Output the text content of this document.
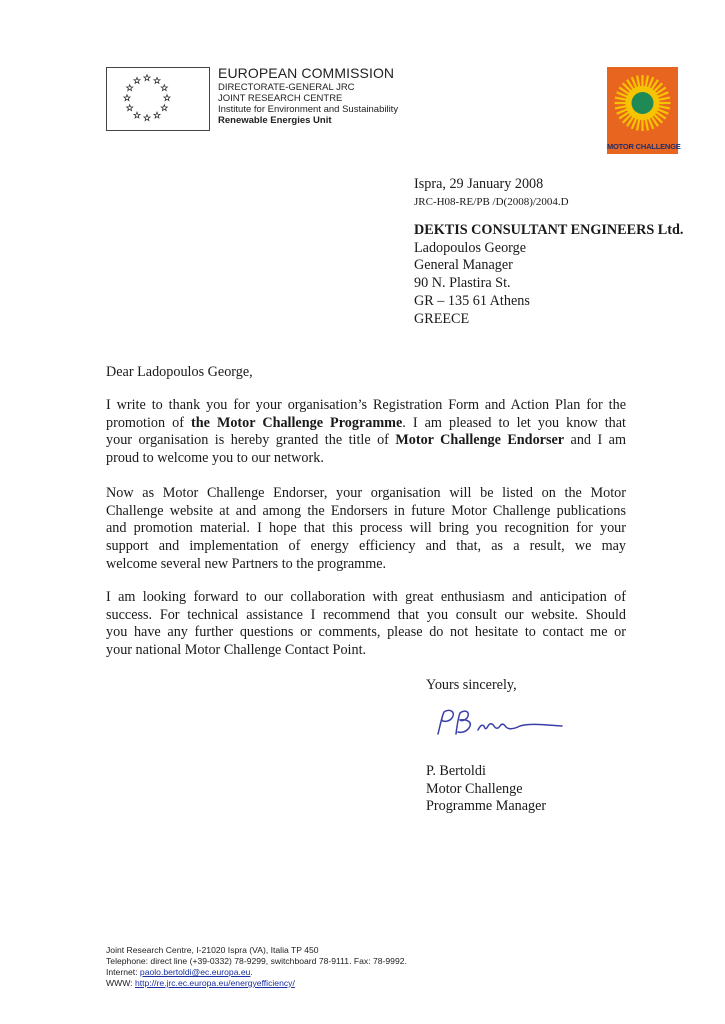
EUROPEAN COMMISSION
DIRECTORATE-GENERAL JRC
JOINT RESEARCH CENTRE
Institute for Environment and Sustainability
Renewable Energies Unit
MOTOR CHALLENGE
Ispra, 29 January 2008
JRC-H08-RE/PB /D(2008)/2004.D
DEKTIS CONSULTANT ENGINEERS Ltd.
Ladopoulos George
General Manager
90 N. Plastira St.
GR – 135 61 Athens
GREECE
Dear Ladopoulos George,
I write to thank you for your organisation’s Registration Form and Action Plan for the
promotion of the Motor Challenge Programme. I am pleased to let you know that
your organisation is hereby granted the title of Motor Challenge Endorser and I am
proud to welcome you to our network.
Now as Motor Challenge Endorser, your organisation will be listed on the Motor
Challenge website at and among the Endorsers in future Motor Challenge publications
and promotion material. I hope that this process will bring you recognition for your
support and implementation of energy efficiency and that, as a result, we may
welcome several new Partners to the programme.
I am looking forward to our collaboration with great enthusiasm and anticipation of
success. For technical assistance I recommend that you consult our website. Should
you have any further questions or comments, please do not hesitate to contact me or
your national Motor Challenge Contact Point.
Yours sincerely,
P. Bertoldi
Motor Challenge
Programme Manager
Joint Research Centre, I-21020 Ispra (VA), Italia TP 450
Telephone: direct line (+39-0332) 78-9299, switchboard 78-9111. Fax: 78-9992.
Internet: paolo.bertoldi@ec.europa.eu.
WWW: http://re.jrc.ec.europa.eu/energyefficiency/
